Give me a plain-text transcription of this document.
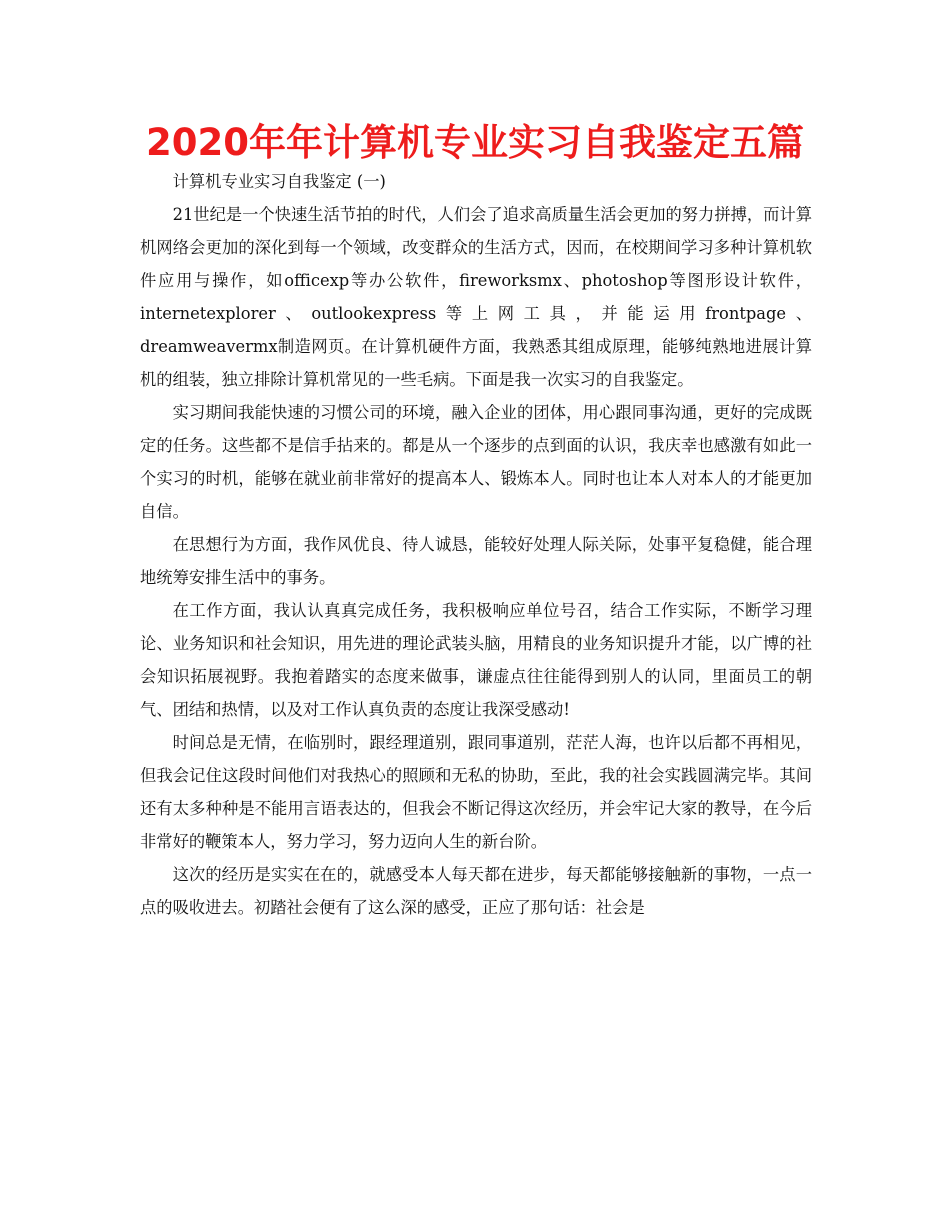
2020年年计算机专业实习自我鉴定五篇

计算机专业实习自我鉴定 (一)

21世纪是一个快速生活节拍的时代，人们会了追求高质量生活会更加的努力拼搏，而计算机网络会更加的深化到每一个领域，改变群众的生活方式，因而，在校期间学习多种计算机软件应用与操作，如officexp等办公软件，fireworksmx、photoshop等图形设计软件，internetexplorer、outlookexpress等上网工具，并能运用frontpage、dreamweavermx制造网页。在计算机硬件方面，我熟悉其组成原理，能够纯熟地进展计算机的组装，独立排除计算机常见的一些毛病。下面是我一次实习的自我鉴定。

实习期间我能快速的习惯公司的环境，融入企业的团体，用心跟同事沟通，更好的完成既定的任务。这些都不是信手拈来的。都是从一个逐步的点到面的认识，我庆幸也感激有如此一个实习的时机，能够在就业前非常好的提高本人、锻炼本人。同时也让本人对本人的才能更加自信。

在思想行为方面，我作风优良、待人诚恳，能较好处理人际关际，处事平复稳健，能合理地统筹安排生活中的事务。

在工作方面，我认认真真完成任务，我积极响应单位号召，结合工作实际，不断学习理论、业务知识和社会知识，用先进的理论武装头脑，用精良的业务知识提升才能，以广博的社会知识拓展视野。我抱着踏实的态度来做事，谦虚点往往能得到别人的认同，里面员工的朝气、团结和热情，以及对工作认真负责的态度让我深受感动!

时间总是无情，在临别时，跟经理道别，跟同事道别，茫茫人海，也许以后都不再相见，但我会记住这段时间他们对我热心的照顾和无私的协助，至此，我的社会实践圆满完毕。其间还有太多种种是不能用言语表达的，但我会不断记得这次经历，并会牢记大家的教导，在今后非常好的鞭策本人，努力学习，努力迈向人生的新台阶。

这次的经历是实实在在的，就感受本人每天都在进步，每天都能够接触新的事物，一点一点的吸收进去。初踏社会便有了这么深的感受，正应了那句话：社会是
